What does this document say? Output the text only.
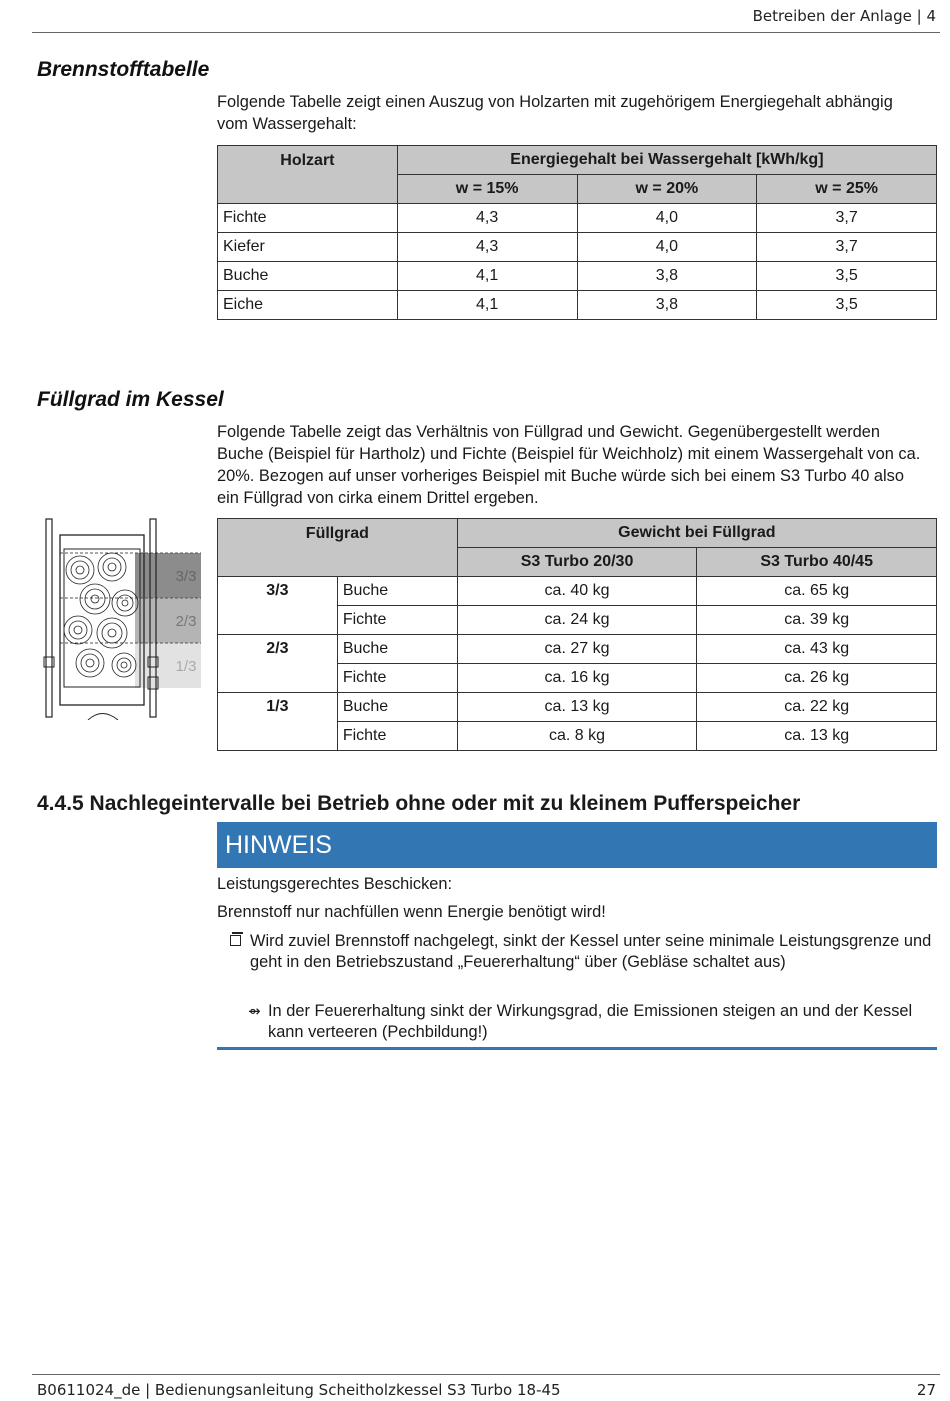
Betreiben der Anlage | 4
Brennstofftabelle

Folgende Tabelle zeigt einen Auszug von Holzarten mit zugehörigem Energiegehalt abhängig vom Wassergehalt:

Holzart	Energiegehalt bei Wassergehalt [kWh/kg]		
	w = 15%	w = 20%	w = 25%
Fichte	4,3	4,0	3,7
Kiefer	4,3	4,0	3,7
Buche	4,1	3,8	3,5
Eiche	4,1	3,8	3,5
Füllgrad im Kessel

Folgende Tabelle zeigt das Verhältnis von Füllgrad und Gewicht. Gegenübergestellt werden Buche (Beispiel für Hartholz) und Fichte (Beispiel für Weichholz) mit einem Wassergehalt von ca. 20%. Bezogen auf unser vorheriges Beispiel mit Buche würde sich bei einem S3 Turbo 40 also ein Füllgrad von cirka einem Drittel ergeben.

3/3
2/3
1/3
Füllgrad		Gewicht bei Füllgrad	
		S3 Turbo 20/30	S3 Turbo 40/45
3/3	Buche	ca. 40 kg	ca. 65 kg
	Fichte	ca. 24 kg	ca. 39 kg
2/3	Buche	ca. 27 kg	ca. 43 kg
	Fichte	ca. 16 kg	ca. 26 kg
1/3	Buche	ca. 13 kg	ca. 22 kg
	Fichte	ca. 8 kg	ca. 13 kg
4.4.5 Nachlegeintervalle bei Betrieb ohne oder mit zu kleinem Pufferspeicher
HINWEIS

Leistungsgerechtes Beschicken:

Brennstoff nur nachfüllen wenn Energie benötigt wird!

Wird zuviel Brennstoff nachgelegt, sinkt der Kessel unter seine minimale Leistungsgrenze und geht in den Betriebszustand „Feuererhaltung“ über (Gebläse schaltet aus)
⇴ In der Feuererhaltung sinkt der Wirkungsgrad, die Emissionen steigen an und der Kessel kann verteeren (Pechbildung!)
B0611024_de | Bedienungsanleitung Scheitholzkessel S3 Turbo 18-45	27
